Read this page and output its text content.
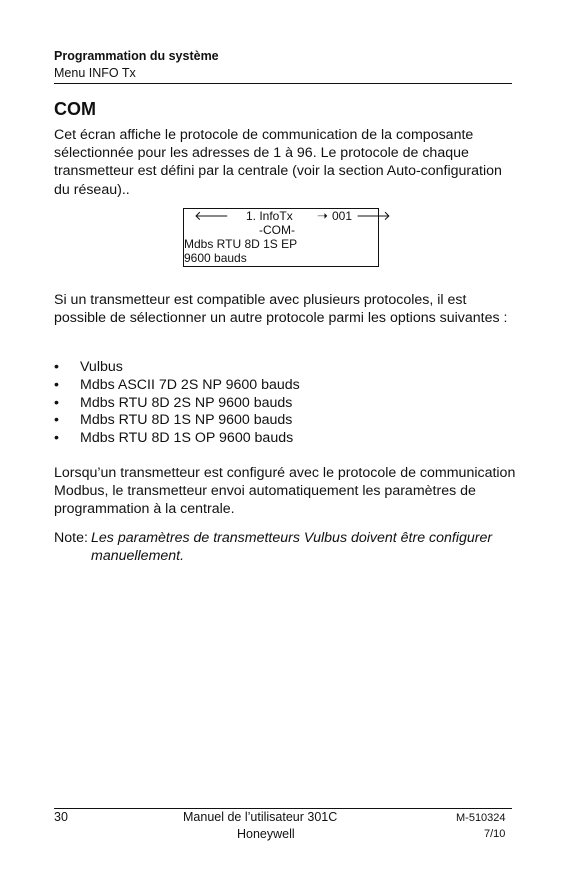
Programmation du système
Menu INFO Tx
COM

Cet écran affiche le protocole de communication de la composante sélectionnée pour les adresses de 1 à 96. Le protocole de chaque transmetteur est défini par la centrale (voir la section Auto-configuration du réseau)..

🡐 1. InfoTx ➝ 001 🡒
-COM-
Mdbs RTU 8D 1S EP
9600 bauds

Si un transmetteur est compatible avec plusieurs protocoles, il est possible de sélectionner un autre protocole parmi les options suivantes :

• Vulbus
• Mdbs ASCII 7D 2S NP 9600 bauds
• Mdbs RTU 8D 2S NP 9600 bauds
• Mdbs RTU 8D 1S NP 9600 bauds
• Mdbs RTU 8D 1S OP 9600 bauds

Lorsqu’un transmetteur est configuré avec le protocole de communication Modbus, le transmetteur envoi automatiquement les paramètres de programmation à la centrale.

Note: Les paramètres de transmetteurs Vulbus doivent être configurer
manuellement.
30	Manuel de l’utilisateur 301C
Honeywell
M-510324
7/10
